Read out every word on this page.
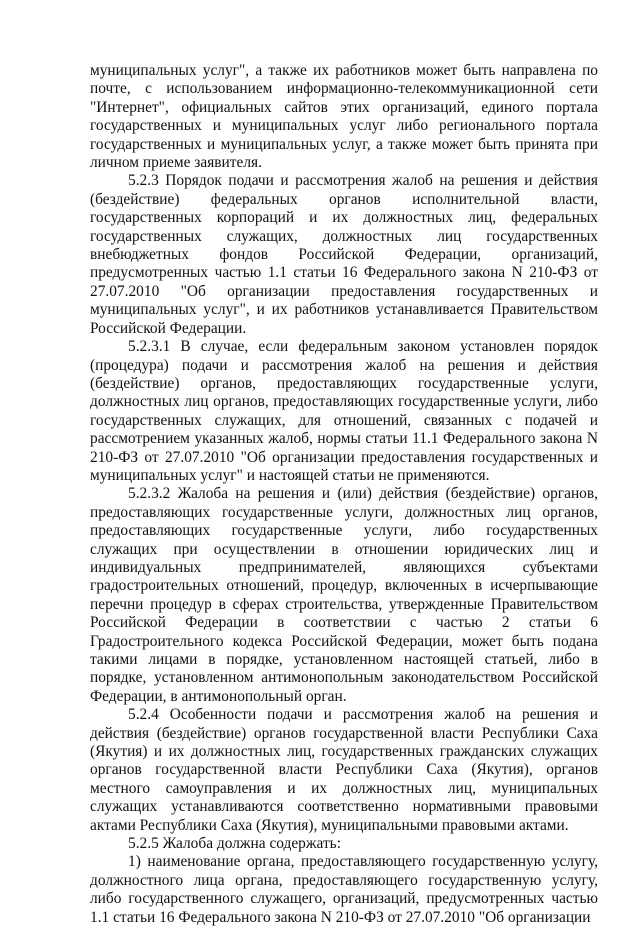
муниципальных услуг", а также их работников может быть направлена по почте, с использованием информационно-телекоммуникационной сети "Интернет", официальных сайтов этих организаций, единого портала государственных и муниципальных услуг либо регионального портала государственных и муниципальных услуг, а также может быть принята при личном приеме заявителя.

5.2.3 Порядок подачи и рассмотрения жалоб на решения и действия (бездействие) федеральных органов исполнительной власти, государственных корпораций и их должностных лиц, федеральных государственных служащих, должностных лиц государственных внебюджетных фондов Российской Федерации, организаций, предусмотренных частью 1.1 статьи 16 Федерального закона N 210-ФЗ от 27.07.2010 "Об организации предоставления государственных и муниципальных услуг", и их работников устанавливается Правительством Российской Федерации.

5.2.3.1 В случае, если федеральным законом установлен порядок (процедура) подачи и рассмотрения жалоб на решения и действия (бездействие) органов, предоставляющих государственные услуги, должностных лиц органов, предоставляющих государственные услуги, либо государственных служащих, для отношений, связанных с подачей и рассмотрением указанных жалоб, нормы статьи 11.1 Федерального закона N 210-ФЗ от 27.07.2010 "Об организации предоставления государственных и муниципальных услуг" и настоящей статьи не применяются.

5.2.3.2 Жалоба на решения и (или) действия (бездействие) органов, предоставляющих государственные услуги, должностных лиц органов, предоставляющих государственные услуги, либо государственных служащих при осуществлении в отношении юридических лиц и индивидуальных предпринимателей, являющихся субъектами градостроительных отношений, процедур, включенных в исчерпывающие перечни процедур в сферах строительства, утвержденные Правительством Российской Федерации в соответствии с частью 2 статьи 6 Градостроительного кодекса Российской Федерации, может быть подана такими лицами в порядке, установленном настоящей статьей, либо в порядке, установленном антимонопольным законодательством Российской Федерации, в антимонопольный орган.

5.2.4 Особенности подачи и рассмотрения жалоб на решения и действия (бездействие) органов государственной власти Республики Саха (Якутия) и их должностных лиц, государственных гражданских служащих органов государственной власти Республики Саха (Якутия), органов местного самоуправления и их должностных лиц, муниципальных служащих устанавливаются соответственно нормативными правовыми актами Республики Саха (Якутия), муниципальными правовыми актами.

5.2.5 Жалоба должна содержать:

1) наименование органа, предоставляющего государственную услугу, должностного лица органа, предоставляющего государственную услугу, либо государственного служащего, организаций, предусмотренных частью 1.1 статьи 16 Федерального закона N 210-ФЗ от 27.07.2010 "Об организации
